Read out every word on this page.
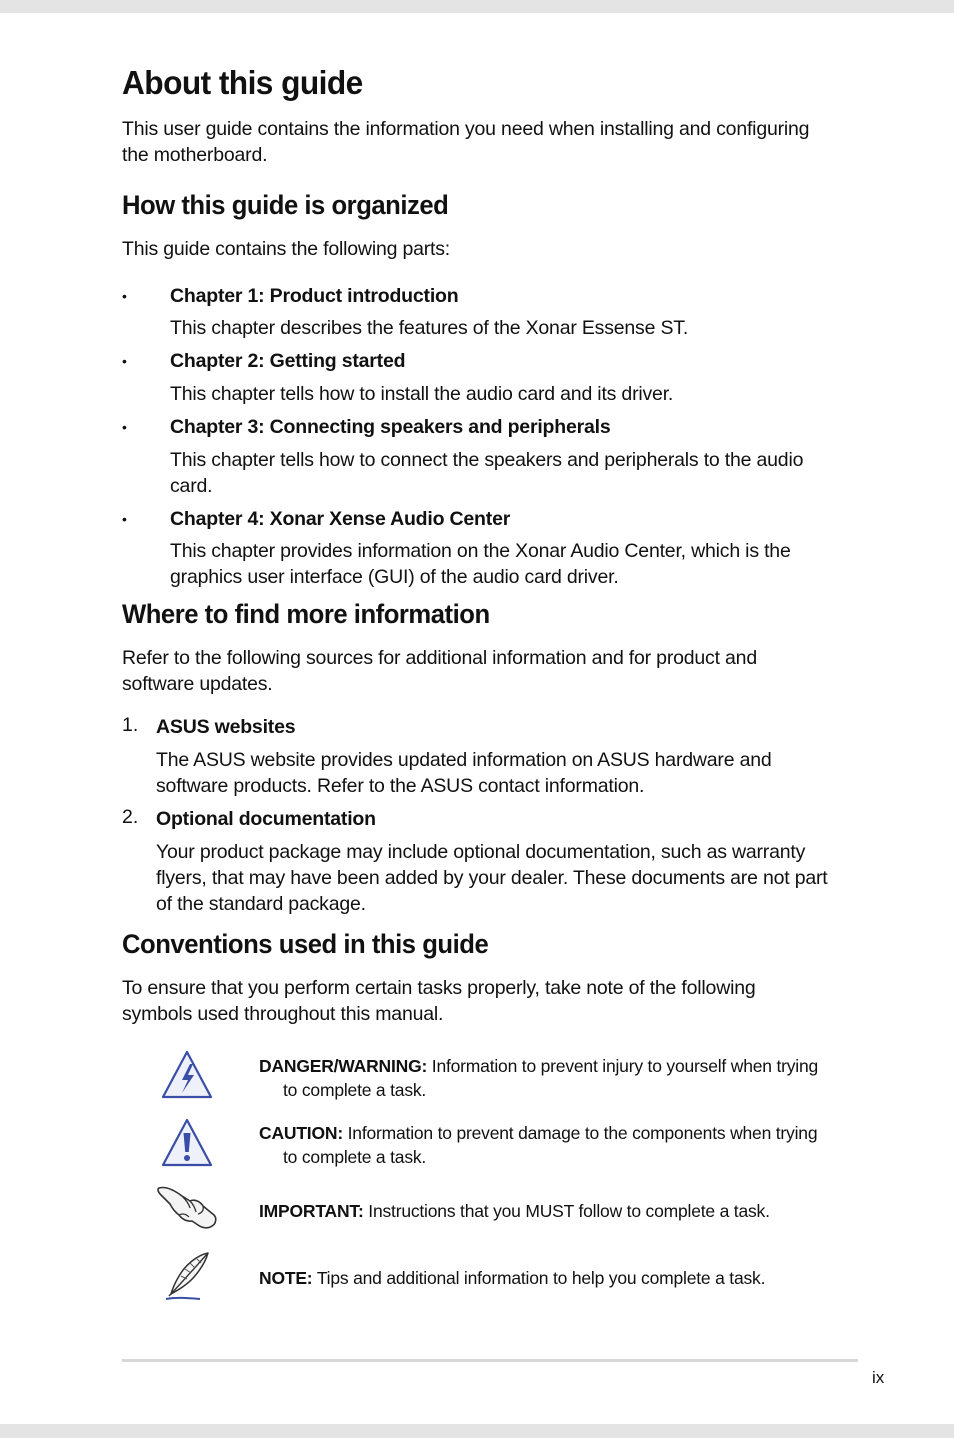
About this guide

This user guide contains the information you need when installing and configuring the motherboard.

How this guide is organized

This guide contains the following parts:

• Chapter 1: Product introduction

This chapter describes the features of the Xonar Essense ST.

• Chapter 2: Getting started

This chapter tells how to install the audio card and its driver.

• Chapter 3: Connecting speakers and peripherals

This chapter tells how to connect the speakers and peripherals to the audio card.

• Chapter 4: Xonar Xense Audio Center

This chapter provides information on the Xonar Audio Center, which is the graphics user interface (GUI) of the audio card driver.

Where to find more information

Refer to the following sources for additional information and for product and software updates.

1. ASUS websites

The ASUS website provides updated information on ASUS hardware and software products. Refer to the ASUS contact information.

2. Optional documentation

Your product package may include optional documentation, such as warranty flyers, that may have been added by your dealer. These documents are not part of the standard package.

Conventions used in this guide

To ensure that you perform certain tasks properly, take note of the following symbols used throughout this manual.

DANGER/WARNING: Information to prevent injury to yourself when trying
to complete a task.
CAUTION: Information to prevent damage to the components when trying
to complete a task.
IMPORTANT: Instructions that you MUST follow to complete a task.
NOTE: Tips and additional information to help you complete a task.
ix
